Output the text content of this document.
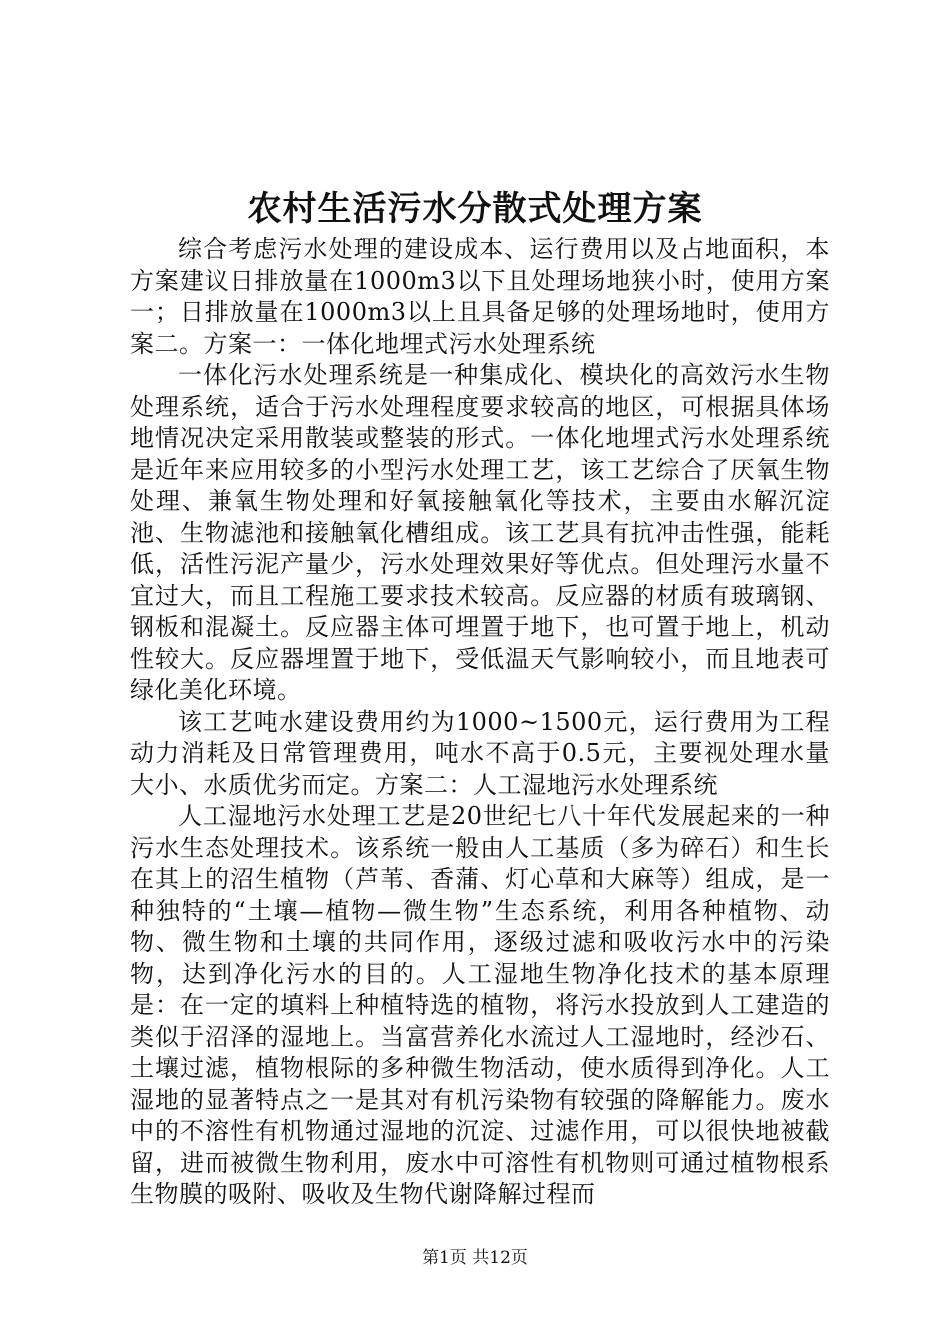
农村生活污水分散式处理方案

综合考虑污水处理的建设成本、运行费用以及占地面积，本方案建议日排放量在1000m3以下且处理场地狭小时，使用方案一；日排放量在1000m3以上且具备足够的处理场地时，使用方案二。方案一：一体化地埋式污水处理系统

一体化污水处理系统是一种集成化、模块化的高效污水生物处理系统，适合于污水处理程度要求较高的地区，可根据具体场地情况决定采用散装或整装的形式。一体化地埋式污水处理系统是近年来应用较多的小型污水处理工艺，该工艺综合了厌氧生物处理、兼氧生物处理和好氧接触氧化等技术，主要由水解沉淀池、生物滤池和接触氧化槽组成。该工艺具有抗冲击性强，能耗低，活性污泥产量少，污水处理效果好等优点。但处理污水量不宜过大，而且工程施工要求技术较高。反应器的材质有玻璃钢、钢板和混凝土。反应器主体可埋置于地下，也可置于地上，机动性较大。反应器埋置于地下，受低温天气影响较小，而且地表可绿化美化环境。

该工艺吨水建设费用约为1000~1500元，运行费用为工程动力消耗及日常管理费用，吨水不高于0.5元，主要视处理水量大小、水质优劣而定。方案二：人工湿地污水处理系统

人工湿地污水处理工艺是20世纪七八十年代发展起来的一种污水生态处理技术。该系统一般由人工基质（多为碎石）和生长在其上的沼生植物（芦苇、香蒲、灯心草和大麻等）组成，是一种独特的“土壤—植物—微生物”生态系统，利用各种植物、动物、微生物和土壤的共同作用，逐级过滤和吸收污水中的污染物，达到净化污水的目的。人工湿地生物净化技术的基本原理是：在一定的填料上种植特选的植物，将污水投放到人工建造的类似于沼泽的湿地上。当富营养化水流过人工湿地时，经沙石、土壤过滤，植物根际的多种微生物活动，使水质得到净化。人工湿地的显著特点之一是其对有机污染物有较强的降解能力。废水中的不溶性有机物通过湿地的沉淀、过滤作用，可以很快地被截留，进而被微生物利用，废水中可溶性有机物则可通过植物根系生物膜的吸附、吸收及生物代谢降解过程而

第1页 共12页
